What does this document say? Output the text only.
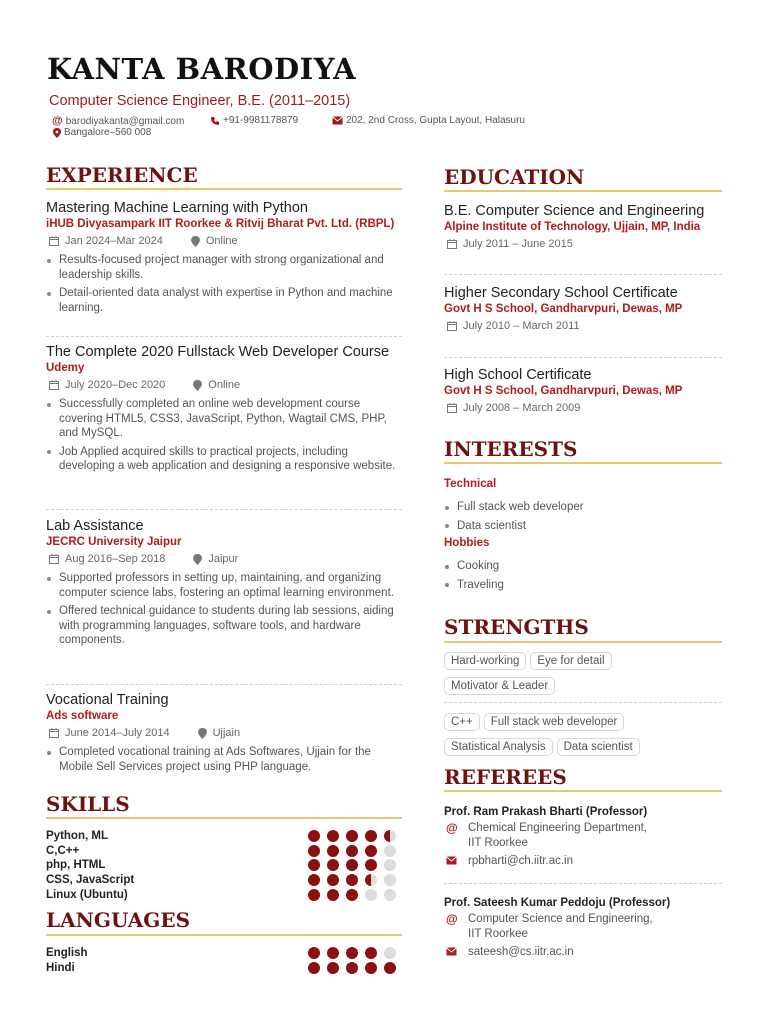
KANTA BARODIYA
Computer Science Engineer, B.E. (2011–2015)
@ barodiyakanta@gmail.com	+91-9981178879	202, 2nd Cross, Gupta Layout, Halasuru
Bangalore–560 008
EXPERIENCE
Mastering Machine Learning with Python
iHUB Divyasampark IIT Roorkee & Ritvij Bharat Pvt. Ltd. (RBPL)
Jan 2024–Mar 2024	Online
Results-focused project manager with strong organizational and leadership skills.
Detail-oriented data analyst with expertise in Python and machine learning.
The Complete 2020 Fullstack Web Developer Course
Udemy
July 2020–Dec 2020	Online
Successfully completed an online web development course covering HTML5, CSS3, JavaScript, Python, Wagtail CMS, PHP, and MySQL.
Job Applied acquired skills to practical projects, including developing a web application and designing a responsive website.
Lab Assistance
JECRC University Jaipur
Aug 2016–Sep 2018	Jaipur
Supported professors in setting up, maintaining, and organizing computer science labs, fostering an optimal learning environment.
Offered technical guidance to students during lab sessions, aiding with programming languages, software tools, and hardware components.
Vocational Training
Ads software
June 2014–July 2014	Ujjain
Completed vocational training at Ads Softwares, Ujjain for the Mobile Sell Services project using PHP language.
SKILLS
Python, ML
C,C++
php, HTML
CSS, JavaScript
Linux (Ubuntu)
LANGUAGES
English
Hindi
EDUCATION
B.E. Computer Science and Engineering
Alpine Institute of Technology, Ujjain, MP, India
July 2011 – June 2015
Higher Secondary School Certificate
Govt H S School, Gandharvpuri, Dewas, MP
July 2010 – March 2011
High School Certificate
Govt H S School, Gandharvpuri, Dewas, MP
July 2008 – March 2009
INTERESTS
Technical
Full stack web developer
Data scientist
Hobbies
Cooking
Traveling
STRENGTHS
Hard-working Eye for detail
Motivator & Leader
C++ Full stack web developer
Statistical Analysis Data scientist
REFEREES
Prof. Ram Prakash Bharti (Professor)
@ Chemical Engineering Department,
IIT Roorkee
rpbharti@ch.iitr.ac.in
Prof. Sateesh Kumar Peddoju (Professor)
@ Computer Science and Engineering,
IIT Roorkee
sateesh@cs.iitr.ac.in
